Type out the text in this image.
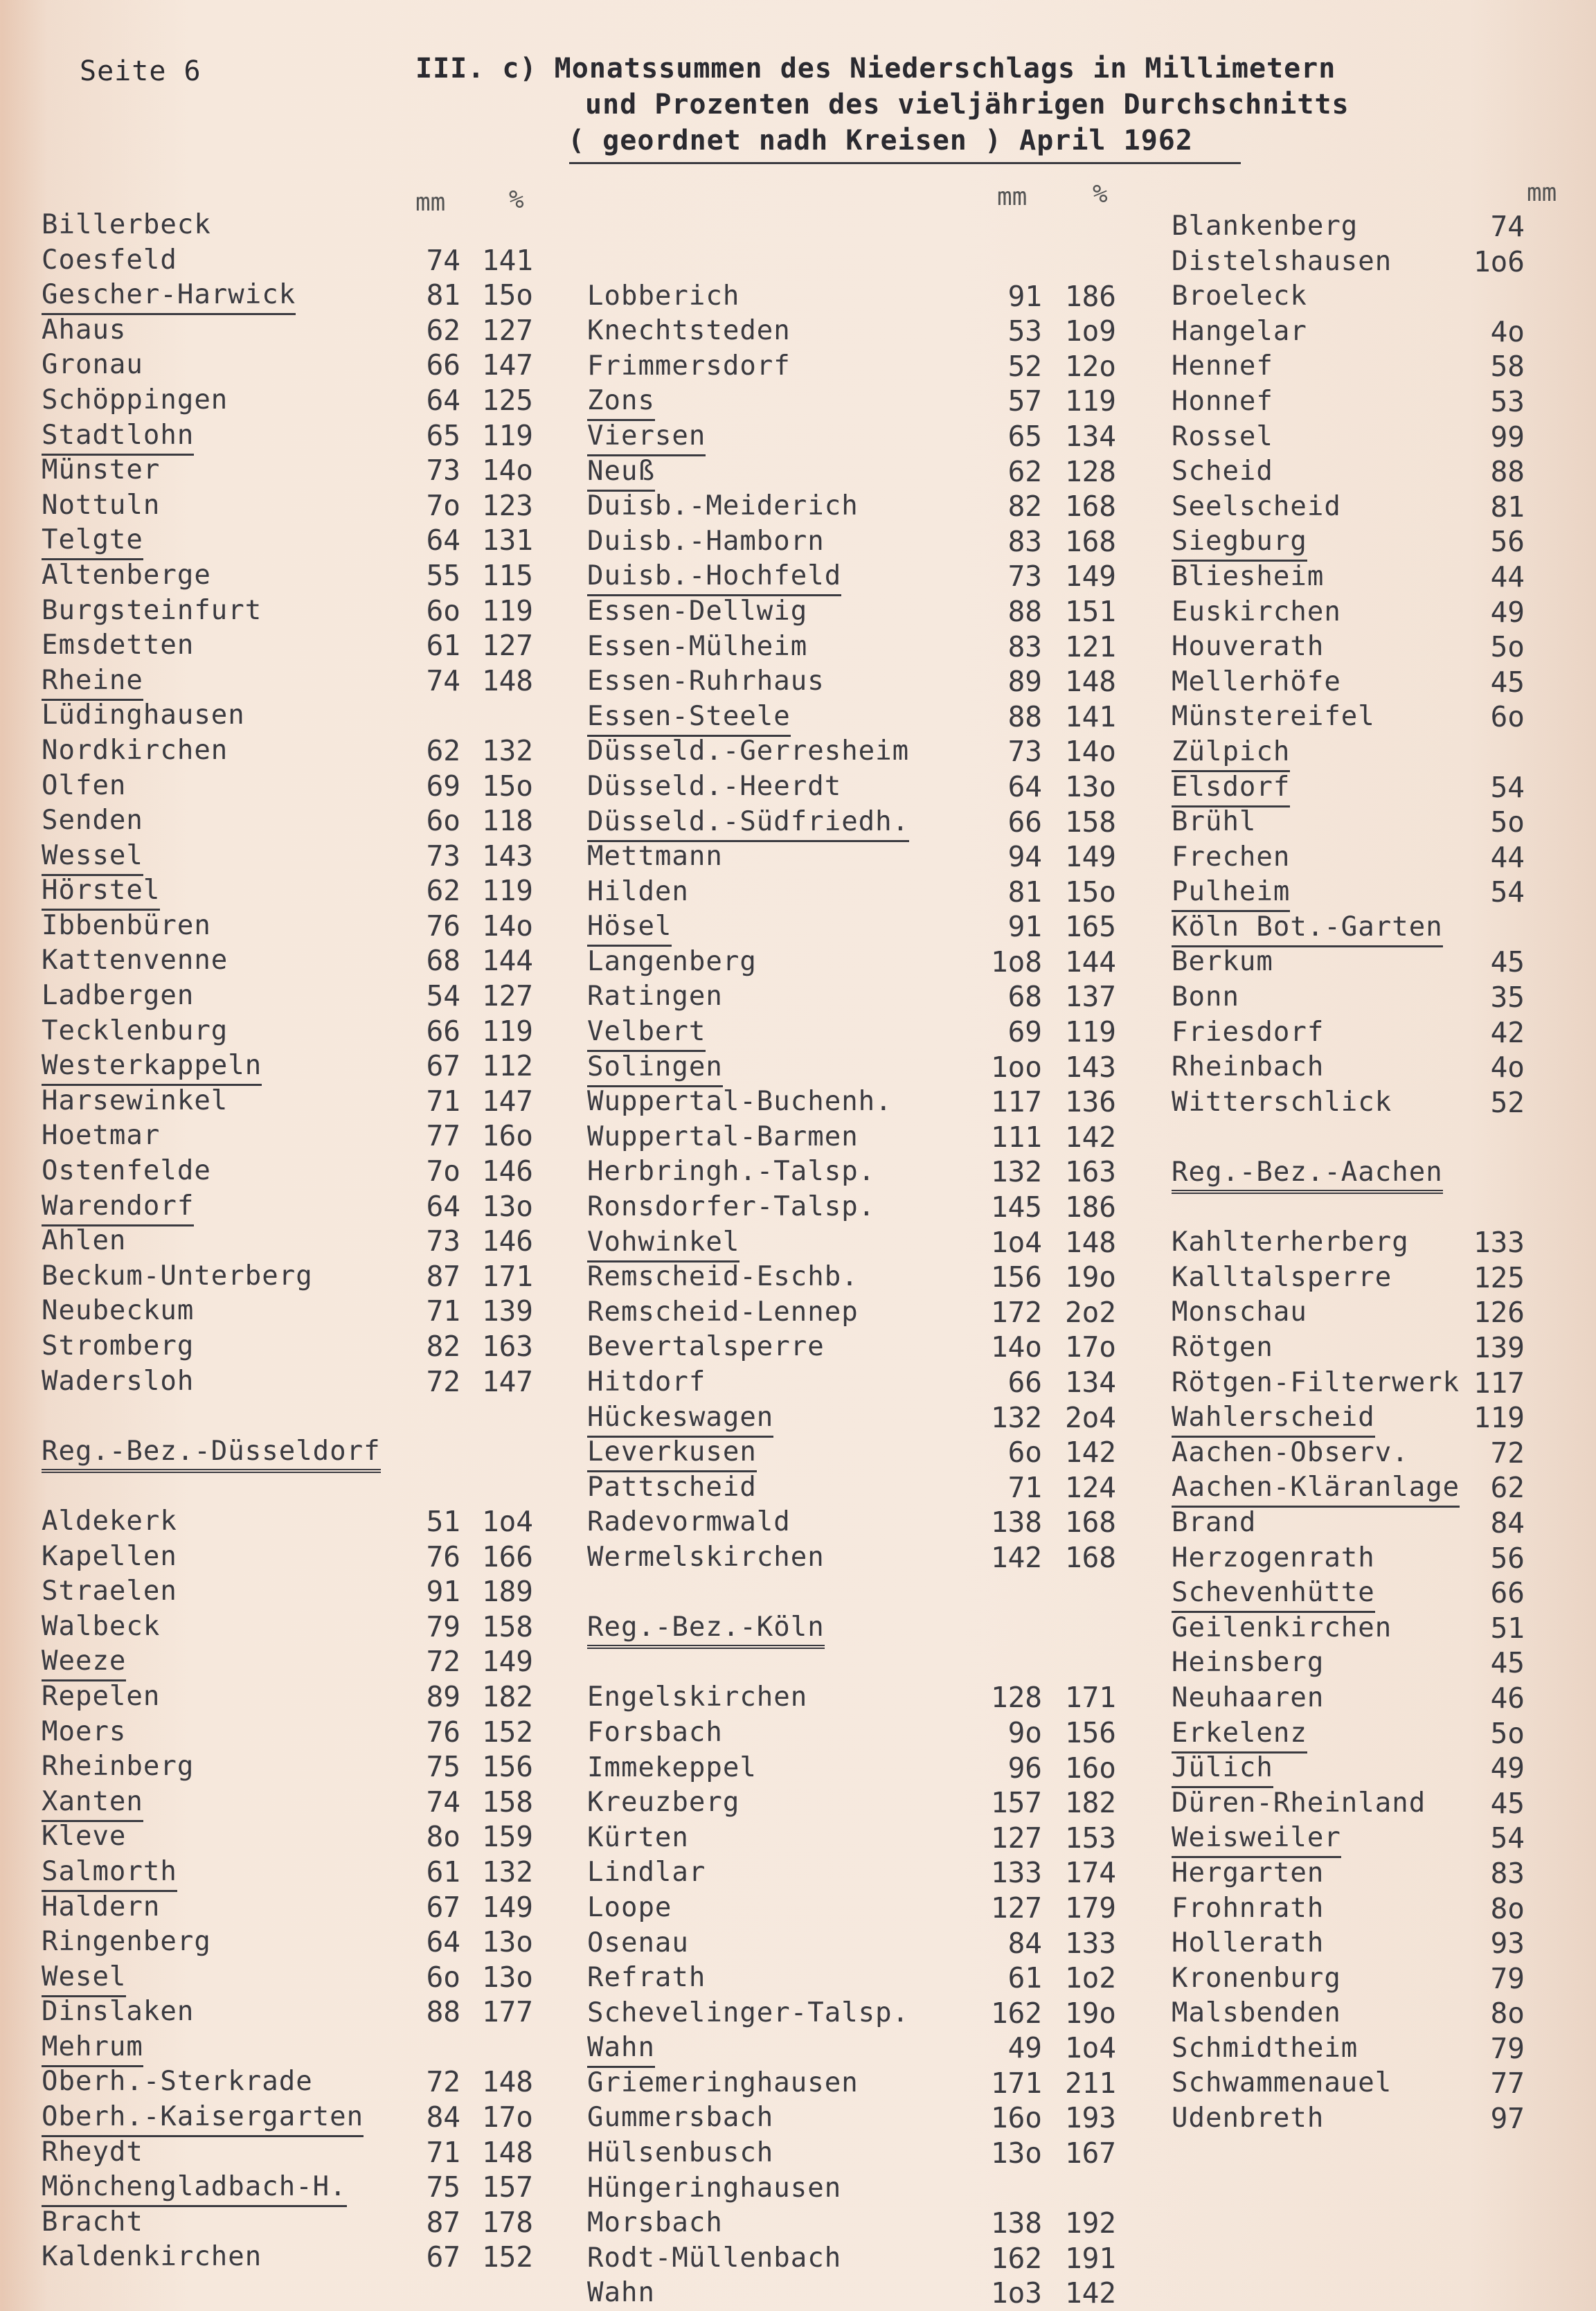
Seite 6	III. c) Monatssummen des Niederschlags in Millimetern
und Prozenten des vieljährigen Durchschnitts
( geordnet nadh Kreisen ) April 1962
mm	%	mm	%	mm
Billerbeck
Coesfeld	74 141
Gescher-Harwick	81 15o
Ahaus	62 127
Gronau	66 147
Schöppingen	64 125
Stadtlohn	65 119
Münster	73 14o
Nottuln	7o 123
Telgte	64 131
Altenberge	55 115
Burgsteinfurt	6o 119
Emsdetten	61 127
Rheine	74 148
Lüdinghausen
Nordkirchen	62 132
Olfen	69 15o
Senden	6o 118
Wessel	73 143
Hörstel	62 119
Ibbenbüren	76 14o
Kattenvenne	68 144
Ladbergen	54 127
Tecklenburg	66 119
Westerkappeln	67 112
Harsewinkel	71 147
Hoetmar	77 16o
Ostenfelde	7o 146
Warendorf	64 13o
Ahlen	73 146
Beckum-Unterberg	87 171
Neubeckum	71 139
Stromberg	82 163
Wadersloh	72 147
Reg.-Bez.-Düsseldorf
Aldekerk	51 1o4
Kapellen	76 166
Straelen	91 189
Walbeck	79 158
Weeze	72 149
Repelen	89 182
Moers	76 152
Rheinberg	75 156
Xanten	74 158
Kleve	8o 159
Salmorth	61 132
Haldern	67 149
Ringenberg	64 13o
Wesel	6o 13o
Dinslaken	88 177
Mehrum
Oberh.-Sterkrade	72 148
Oberh.-Kaisergarten 84 17o
Rheydt	71 148
Mönchengladbach-H.	75 157
Bracht	87 178
Kaldenkirchen	67 152
Lobberich	91 186
Knechtsteden	53 1o9
Frimmersdorf	52 12o
Zons	57 119
Viersen	65 134
Neuß	62 128
Duisb.-Meiderich	82 168
Duisb.-Hamborn	83 168
Duisb.-Hochfeld	73 149
Essen-Dellwig	88 151
Essen-Mülheim	83 121
Essen-Ruhrhaus	89 148
Essen-Steele	88 141
Düsseld.-Gerresheim	73 14o
Düsseld.-Heerdt	64 13o
Düsseld.-Südfriedh.	66 158
Mettmann	94 149
Hilden	81 15o
Hösel	91 165
Langenberg	1o8 144
Ratingen	68 137
Velbert	69 119
Solingen	1oo 143
Wuppertal-Buchenh.	117 136
Wuppertal-Barmen	111 142
Herbringh.-Talsp.	132 163
Ronsdorfer-Talsp.	145 186
Vohwinkel	1o4 148
Remscheid-Eschb.	156 19o
Remscheid-Lennep	172 2o2
Bevertalsperre	14o 17o
Hitdorf	66 134
Hückeswagen	132 2o4
Leverkusen	6o 142
Pattscheid	71 124
Radevormwald	138 168
Wermelskirchen	142 168
Reg.-Bez.-Köln
Engelskirchen	128 171
Forsbach	9o 156
Immekeppel	96 16o
Kreuzberg	157 182
Kürten	127 153
Lindlar	133 174
Loope	127 179
Osenau	84 133
Refrath	61 1o2
Schevelinger-Talsp.	162 19o
Wahn	49 1o4
Griemeringhausen	171 211
Gummersbach	16o 193
Hülsenbusch	13o 167
Hüngeringhausen
Morsbach	138 192
Rodt-Müllenbach	162 191
Wahn	1o3 142
Blankenberg	74
Distelshausen	1o6
Broeleck
Hangelar	4o
Hennef	58
Honnef	53
Rossel	99
Scheid	88
Seelscheid	81
Siegburg	56
Bliesheim	44
Euskirchen	49
Houverath	5o
Mellerhöfe	45
Münstereifel	6o
Zülpich
Elsdorf	54
Brühl	5o
Frechen	44
Pulheim	54
Köln Bot.-Garten
Berkum	45
Bonn	35
Friesdorf	42
Rheinbach	4o
Witterschlick	52
Reg.-Bez.-Aachen
Kahlterherberg 133
Kalltalsperre	125
Monschau	126
Rötgen	139
Rötgen-Filterwerk 117
Wahlerscheid	119
Aachen-Observ.	72
Aachen-Kläranlage 62
Brand	84
Herzogenrath	56
Schevenhütte	66
Geilenkirchen	51
Heinsberg	45
Neuhaaren	46
Erkelenz	5o
Jülich	49
Düren-Rheinland 45
Weisweiler	54
Hergarten	83
Frohnrath	8o
Hollerath	93
Kronenburg	79
Malsbenden	8o
Schmidtheim	79
Schwammenauel	77
Udenbreth	97
